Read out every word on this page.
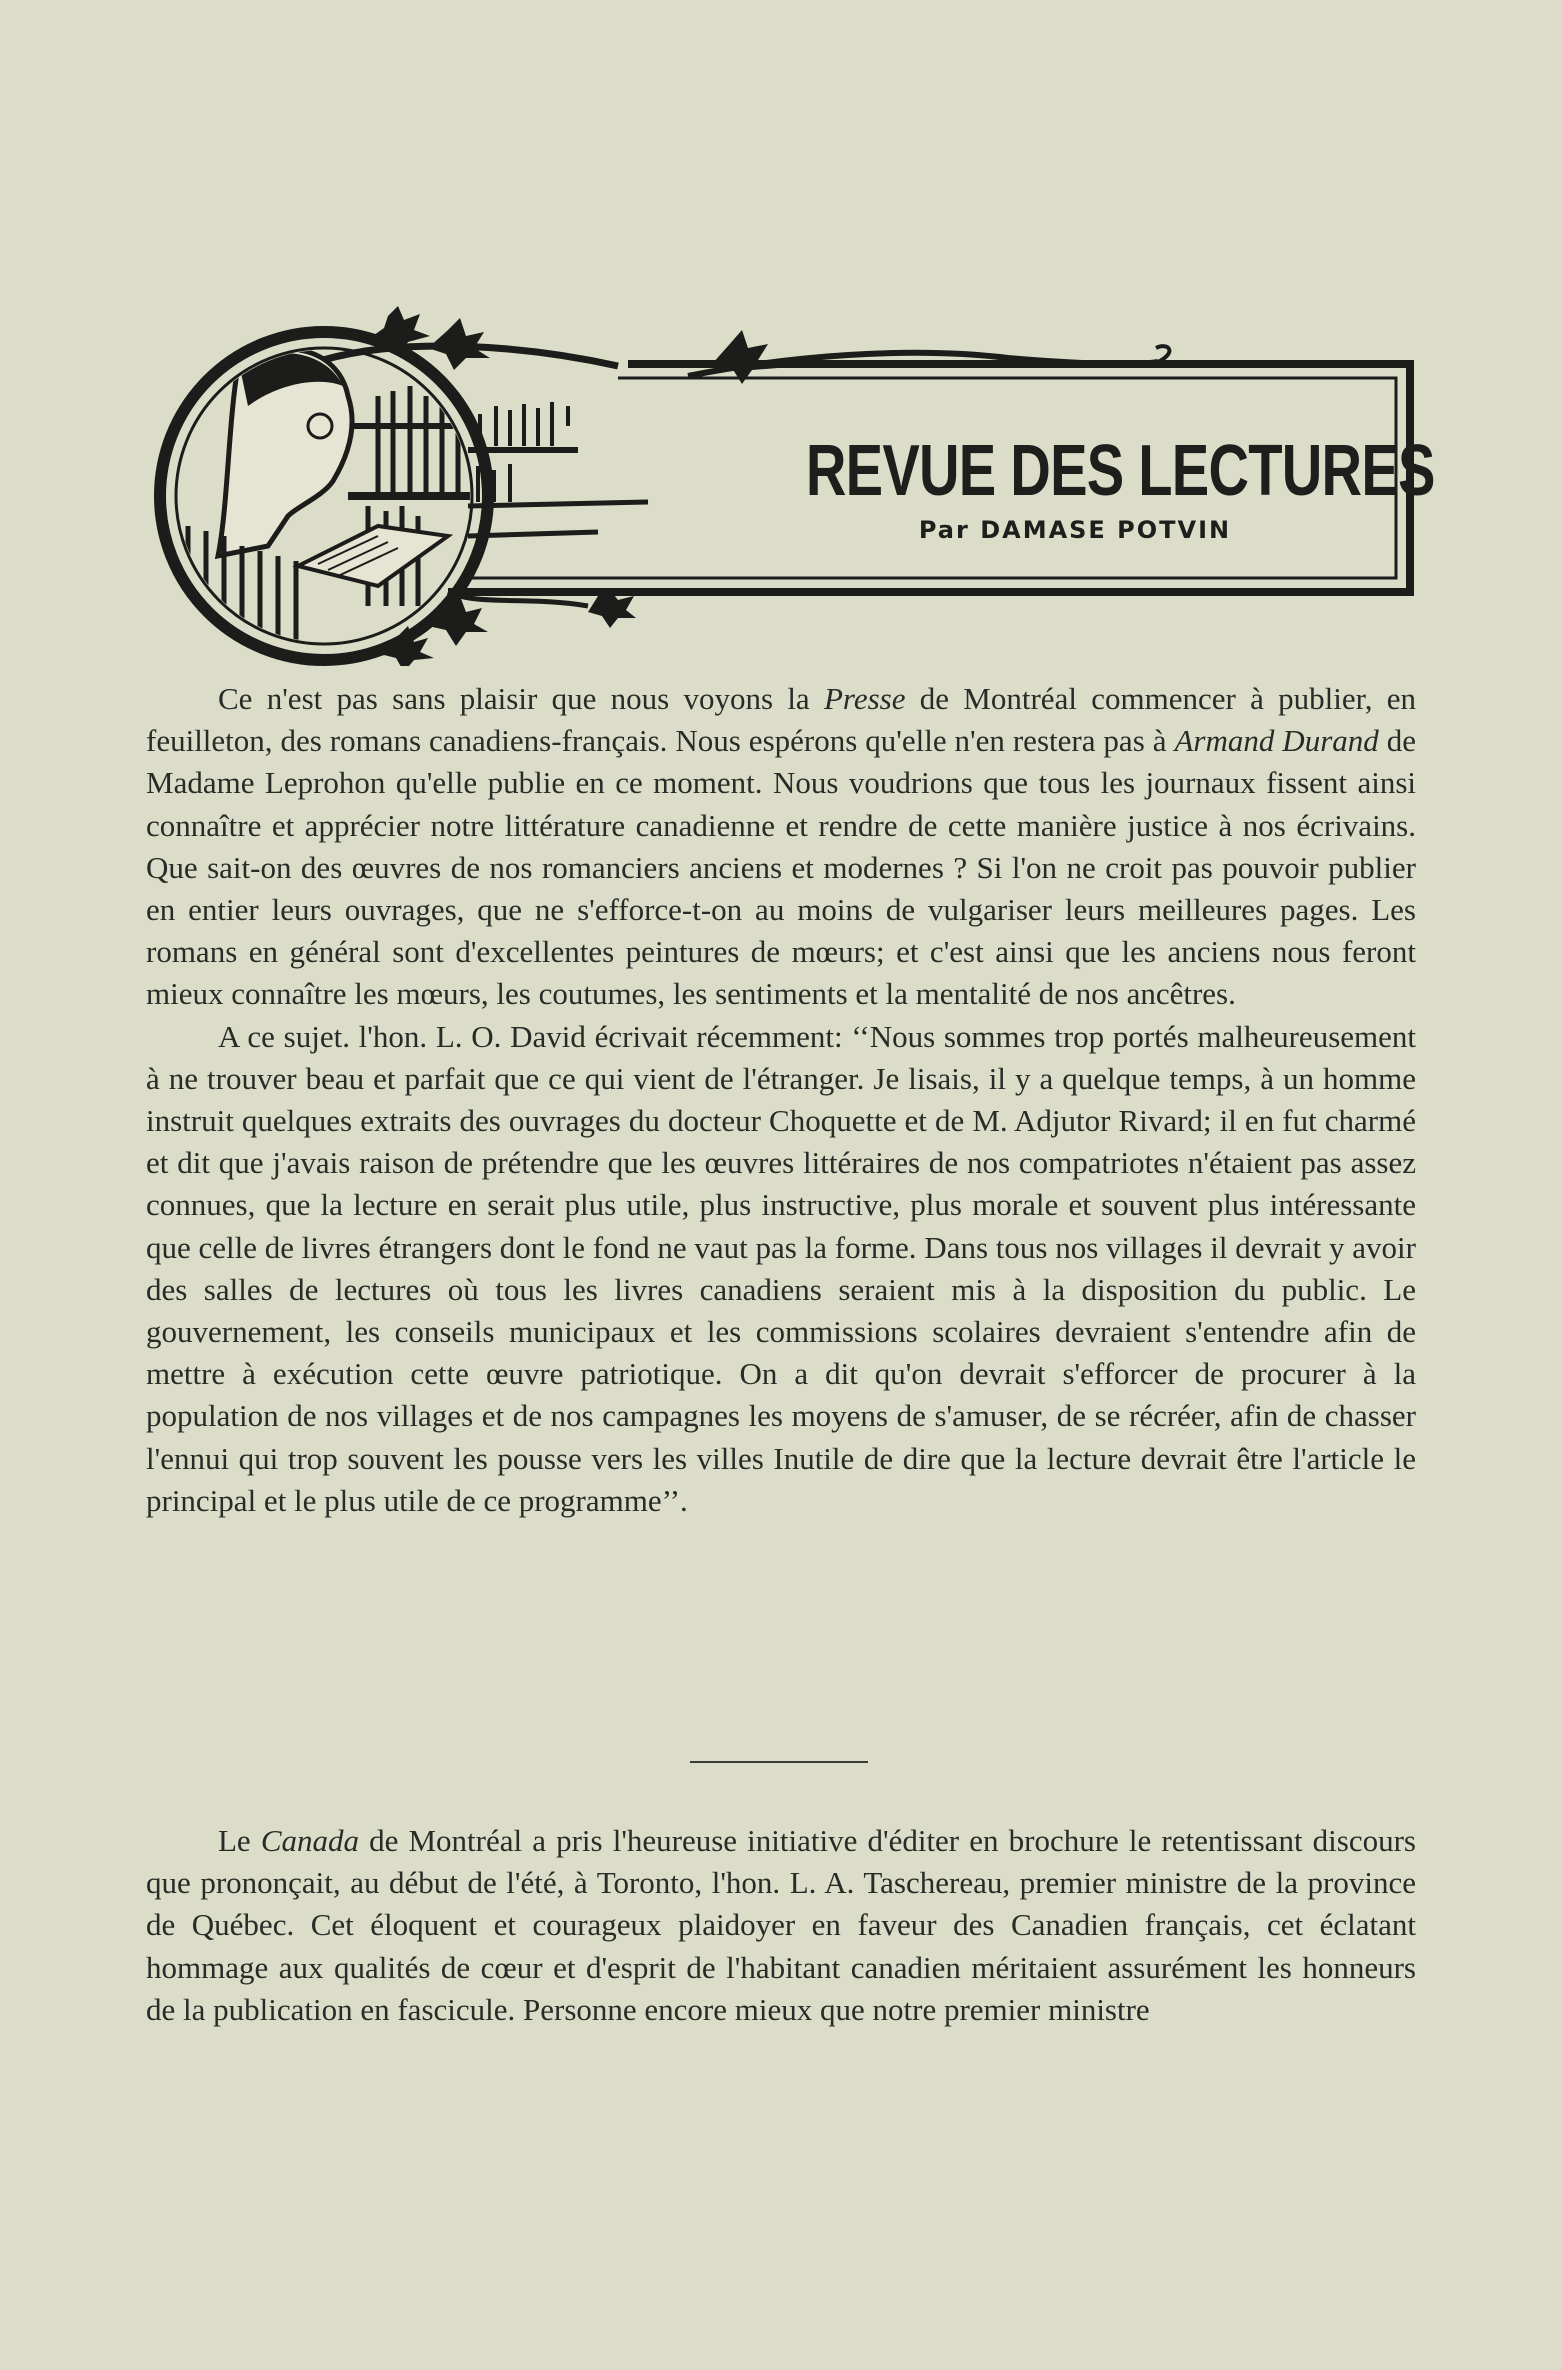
REVUE DES LECTURES
Par DAMASE POTVIN

Ce n'est pas sans plaisir que nous voyons la Presse de Montréal commencer à publier, en feuilleton, des romans canadiens-français. Nous espérons qu'elle n'en restera pas à Armand Durand de Madame Leprohon qu'elle publie en ce moment. Nous voudrions que tous les journaux fissent ainsi connaître et apprécier notre littérature canadienne et rendre de cette manière justice à nos écrivains. Que sait-on des œuvres de nos romanciers anciens et modernes ? Si l'on ne croit pas pouvoir publier en entier leurs ouvrages, que ne s'efforce-t-on au moins de vulgariser leurs meilleures pages. Les romans en général sont d'excellentes peintures de mœurs; et c'est ainsi que les anciens nous feront mieux connaître les mœurs, les coutumes, les sentiments et la mentalité de nos ancêtres.

A ce sujet. l'hon. L. O. David écrivait récemment: ‘‘Nous sommes trop portés malheureusement à ne trouver beau et parfait que ce qui vient de l'étranger. Je lisais, il y a quelque temps, à un homme instruit quelques extraits des ouvrages du docteur Choquette et de M. Adjutor Rivard; il en fut charmé et dit que j'avais raison de prétendre que les œuvres littéraires de nos compatriotes n'étaient pas assez connues, que la lecture en serait plus utile, plus instructive, plus morale et souvent plus intéressante que celle de livres étrangers dont le fond ne vaut pas la forme. Dans tous nos villages il devrait y avoir des salles de lectures où tous les livres canadiens seraient mis à la disposition du public. Le gouvernement, les conseils municipaux et les commissions scolaires devraient s'entendre afin de mettre à exécution cette œuvre patriotique. On a dit qu'on devrait s'efforcer de procurer à la population de nos villages et de nos campagnes les moyens de s'amuser, de se récréer, afin de chasser l'ennui qui trop souvent les pousse vers les villes Inutile de dire que la lecture devrait être l'article le principal et le plus utile de ce programme’’.

Le Canada de Montréal a pris l'heureuse initiative d'éditer en brochure le retentissant discours que prononçait, au début de l'été, à Toronto, l'hon. L. A. Taschereau, premier ministre de la province de Québec. Cet éloquent et courageux plaidoyer en faveur des Canadien français, cet éclatant hommage aux qualités de cœur et d'esprit de l'habitant canadien méritaient assurément les honneurs de la publication en fascicule. Personne encore mieux que notre premier ministre
